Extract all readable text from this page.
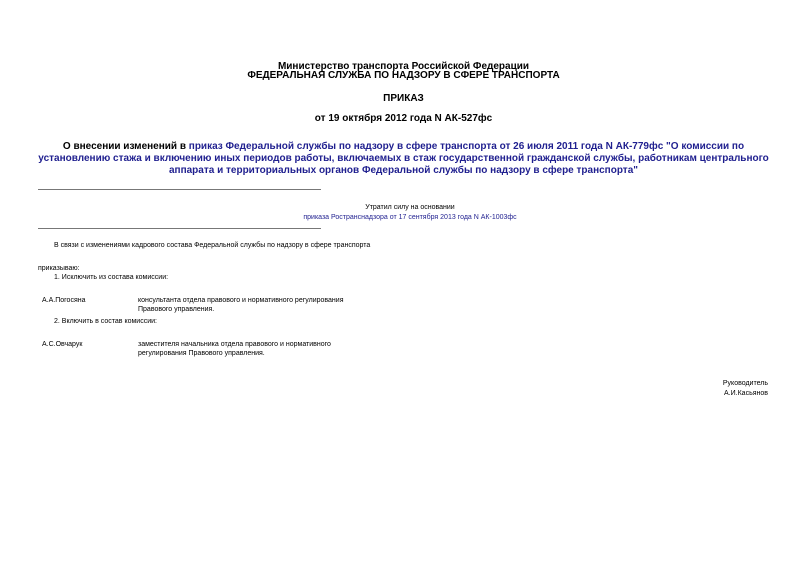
Министерство транспорта Российской Федерации
ФЕДЕРАЛЬНАЯ СЛУЖБА ПО НАДЗОРУ В СФЕРЕ ТРАНСПОРТА
ПРИКАЗ
от 19 октября 2012 года N АК-527фс
О внесении изменений в приказ Федеральной службы по надзору в сфере транспорта от 26 июля 2011 года N АК-779фс "О комиссии по установлению стажа и включению иных периодов работы, включаемых в стаж государственной гражданской службы, работникам центрального аппарата и территориальных органов Федеральной службы по надзору в сфере транспорта"
Утратил силу на основании
приказа Ространснадзора от 17 сентября 2013 года N АК-1003фс
В связи с изменениями кадрового состава Федеральной службы по надзору в сфере транспорта
приказываю:
1. Исключить из состава комиссии:
А.А.Погосяна	консультанта отдела правового и нормативного регулирования
Правового управления.
2. Включить в состав комиссии:
А.С.Овчарук	заместителя начальника отдела правового и нормативного
регулирования Правового управления.
Руководитель
А.И.Касьянов
